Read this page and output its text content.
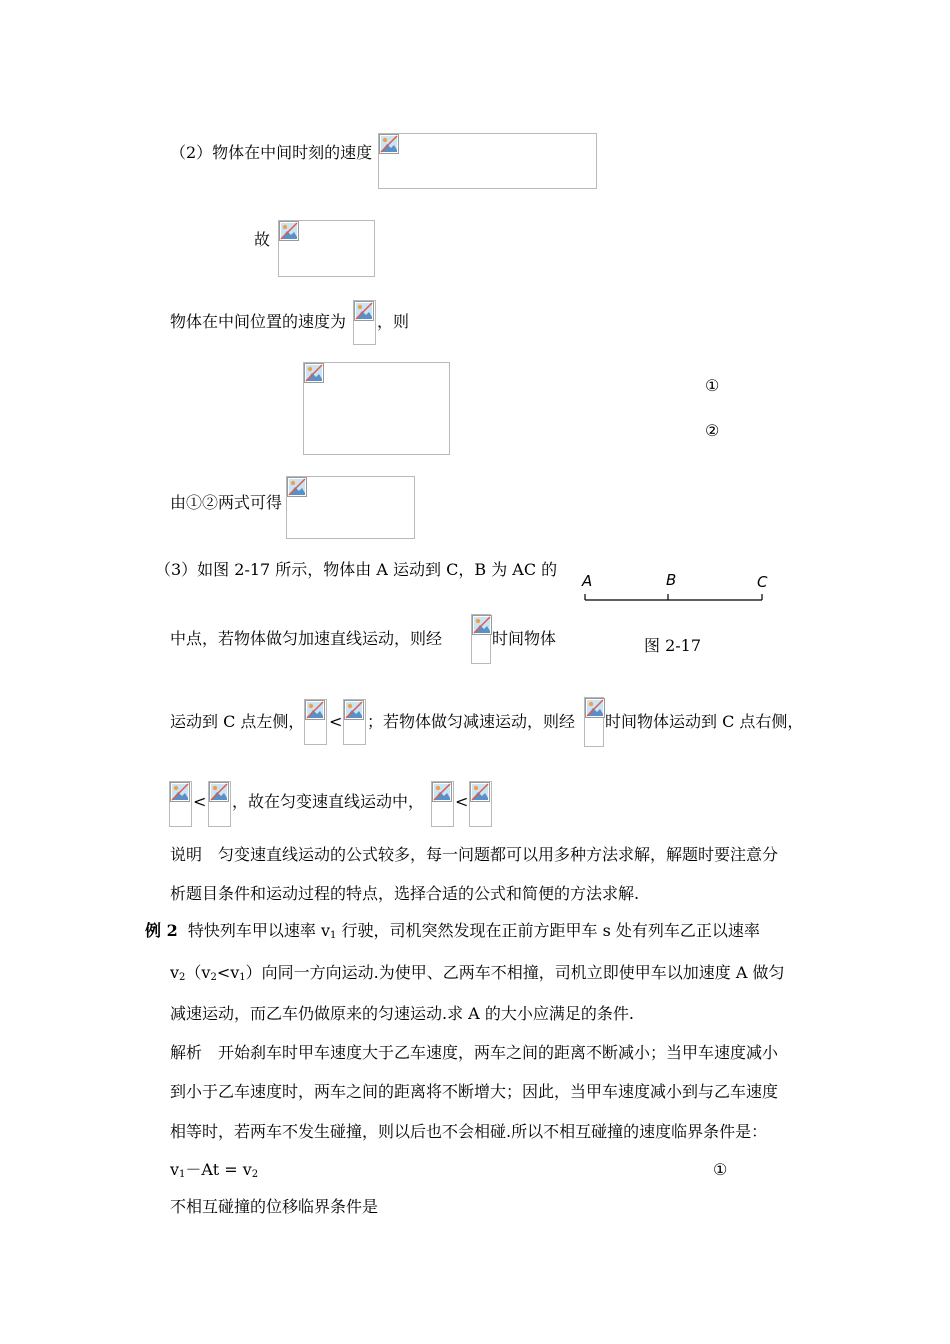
（2）物体在中间时刻的速度
故
物体在中间位置的速度为 ，则
①
②
由①②两式可得
（3）如图 2-17 所示，物体由 A 运动到 C，B 为 AC 的
A	B	C
图 2-17
中点，若物体做匀加速直线运动，则经	时间物体
运动到 C 点左侧， < ；若物体做匀减速运动，则经 时间物体运动到 C 点右侧，
< ，故在匀变速直线运动中， <
说明　匀变速直线运动的公式较多，每一问题都可以用多种方法求解，解题时要注意分
析题目条件和运动过程的特点，选择合适的公式和简便的方法求解.
例 2 特快列车甲以速率 $v_1$ 行驶，司机突然发现在正前方距甲车 s 处有列车乙正以速率
$v_2(v_2<v_1)$向同一方向运动.为使甲、乙两车不相撞，司机立即使甲车以加速度 A 做匀
减速运动，而乙车仍做原来的匀速运动.求 A 的大小应满足的条件.
解析　开始刹车时甲车速度大于乙车速度，两车之间的距离不断减小；当甲车速度减小
到小于乙车速度时，两车之间的距离将不断增大；因此，当甲车速度减小到与乙车速度
相等时，若两车不发生碰撞，则以后也不会相碰.所以不相互碰撞的速度临界条件是：
$v_1-At = v_2$	①
不相互碰撞的位移临界条件是
